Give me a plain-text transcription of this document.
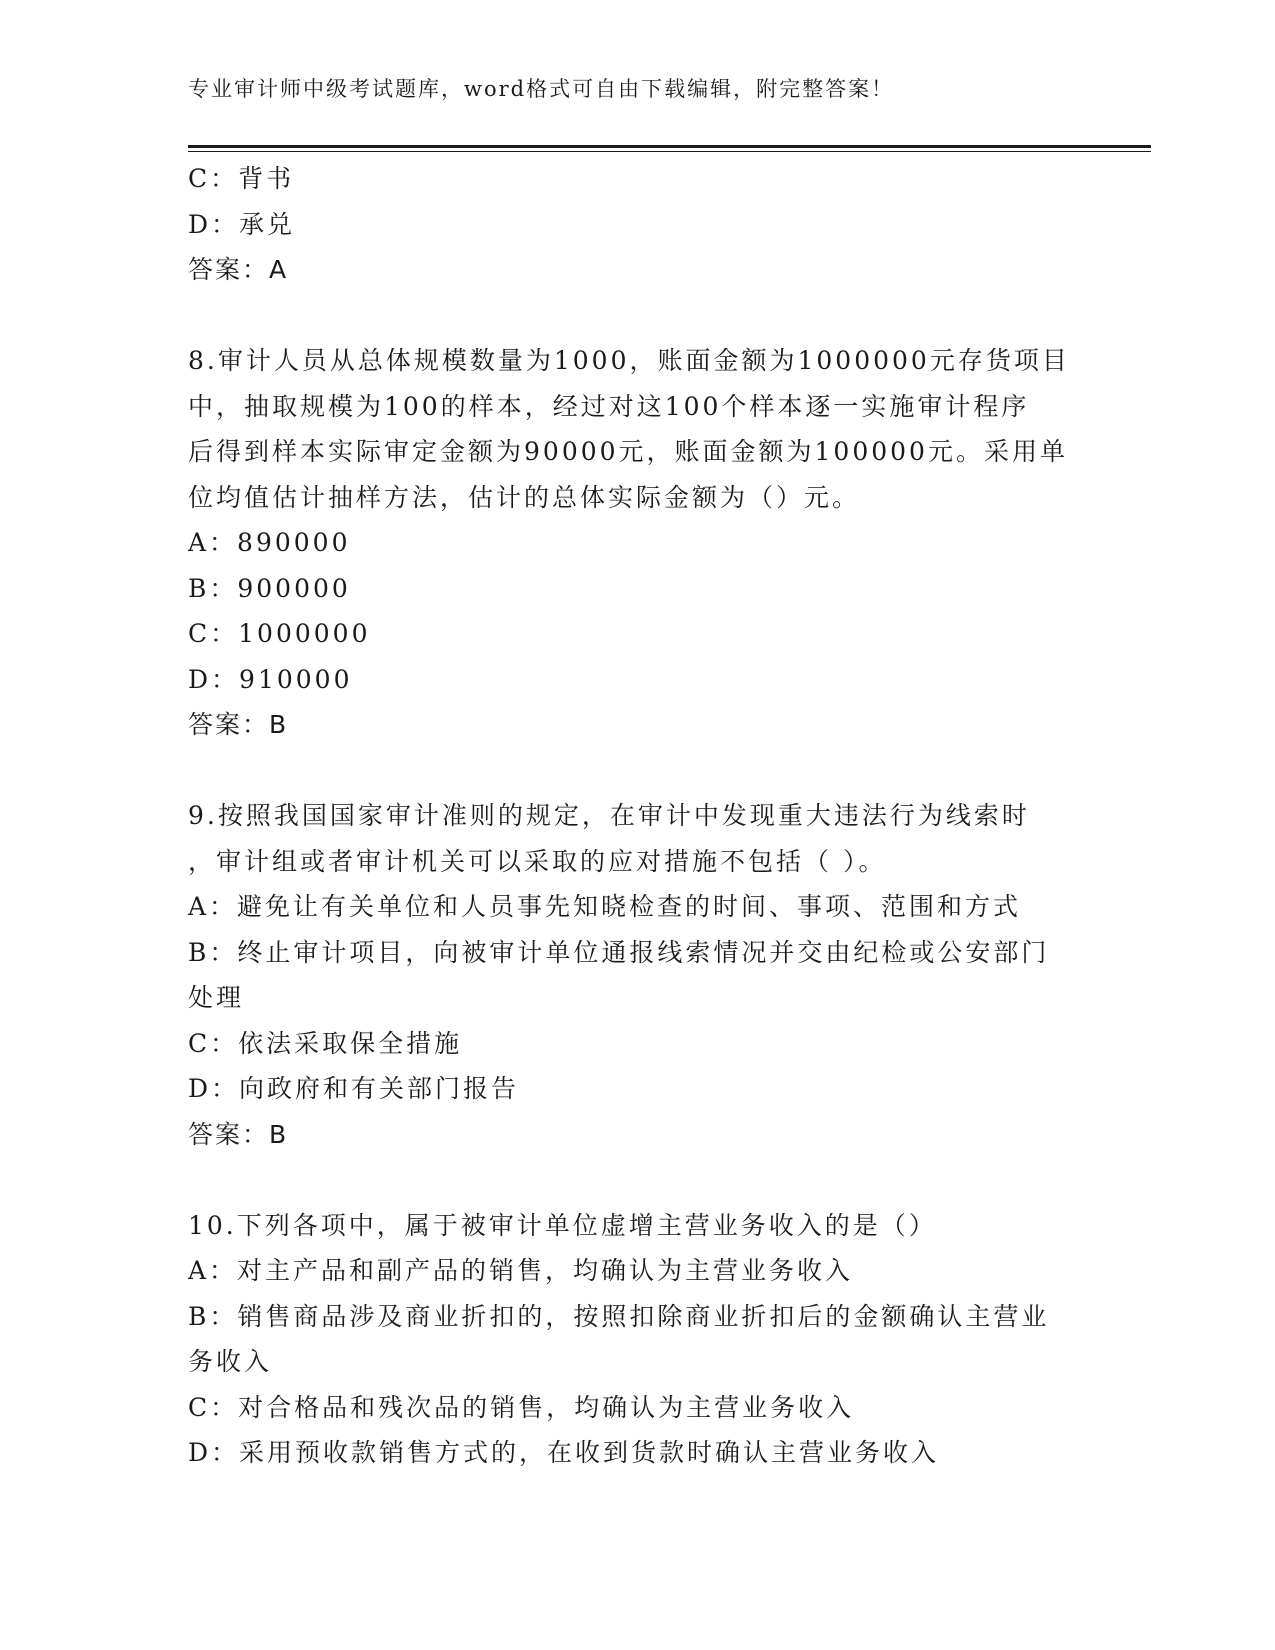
专业审计师中级考试题库，word格式可自由下载编辑，附完整答案！
C：背书
D：承兑
答案：A
8.审计人员从总体规模数量为1000，账面金额为1000000元存货项目
中，抽取规模为100的样本，经过对这100个样本逐一实施审计程序
后得到样本实际审定金额为90000元，账面金额为100000元。采用单
位均值估计抽样方法，估计的总体实际金额为（）元。
A：890000
B：900000
C：1000000
D：910000
答案：B
9.按照我国国家审计准则的规定，在审计中发现重大违法行为线索时
，审计组或者审计机关可以采取的应对措施不包括（ ）。
A：避免让有关单位和人员事先知晓检查的时间、事项、范围和方式
B：终止审计项目，向被审计单位通报线索情况并交由纪检或公安部门
处理
C：依法采取保全措施
D：向政府和有关部门报告
答案：B
10.下列各项中，属于被审计单位虚增主营业务收入的是（）
A：对主产品和副产品的销售，均确认为主营业务收入
B：销售商品涉及商业折扣的，按照扣除商业折扣后的金额确认主营业
务收入
C：对合格品和残次品的销售，均确认为主营业务收入
D：采用预收款销售方式的，在收到货款时确认主营业务收入
